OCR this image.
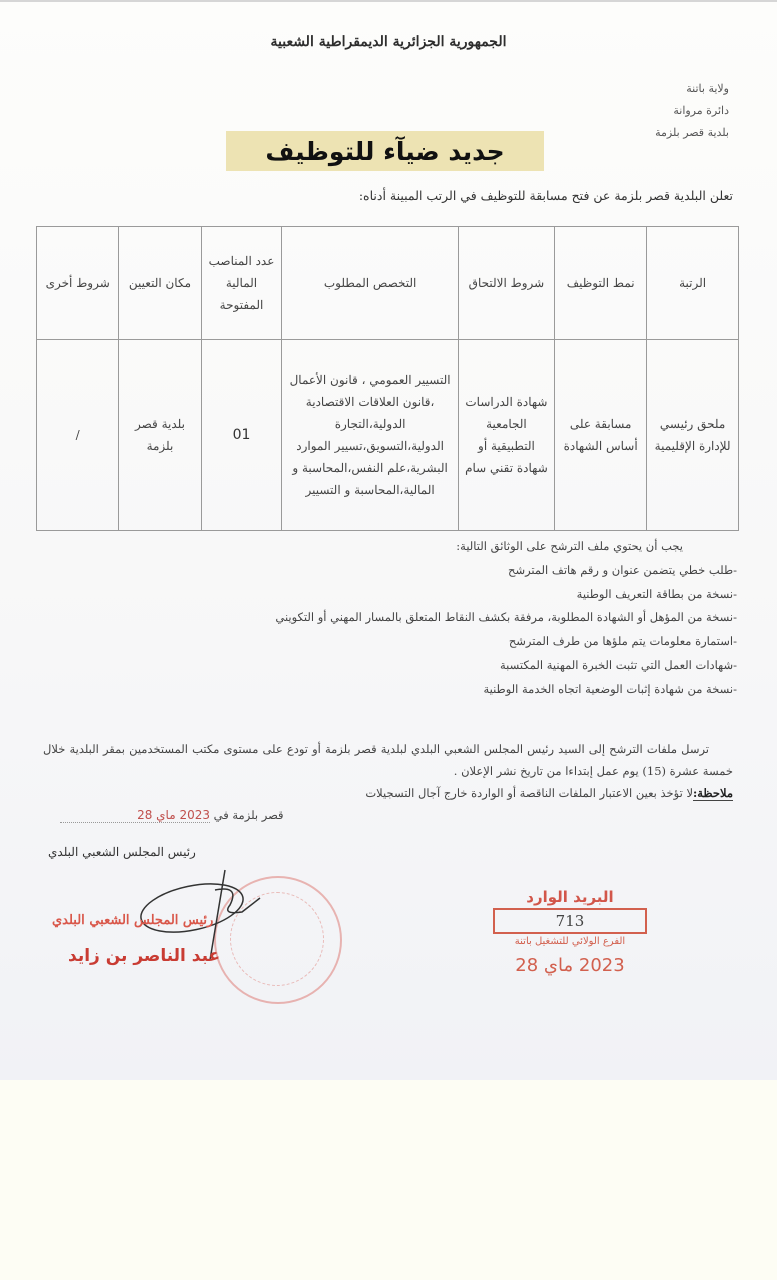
الجمهورية الجزائرية الديمقراطية الشعبية
ولاية باتنة
دائرة مروانة
بلدية قصر بلزمة
جديد ضيآء للتوظيف
تعلن البلدية قصر بلزمة عن فتح مسابقة للتوظيف في الرتب المبينة أدناه:
الرتبة	نمط التوظيف	شروط الالتحاق	التخصص المطلوب	عدد المناصب المالية المفتوحة	مكان التعيين	شروط أخرى
ملحق رئيسي للإدارة الإقليمية	مسابقة على أساس الشهادة	شهادة الدراسات الجامعية التطبيقية أو شهادة تقني سام	التسيير العمومي ، قانون الأعمال ،قانون العلاقات الاقتصادية الدولية،التجارة الدولية،التسويق،تسيير الموارد البشرية،علم النفس،المحاسبة و المالية،المحاسبة و التسيير	01	بلدية قصر بلزمة	/
يجب أن يحتوي ملف الترشح على الوثائق التالية:
-طلب خطي يتضمن عنوان و رقم هاتف المترشح
-نسخة من بطاقة التعريف الوطنية
-نسخة من المؤهل أو الشهادة المطلوبة، مرفقة بكشف النقاط المتعلق بالمسار المهني أو التكويني
-استمارة معلومات يتم ملؤها من طرف المترشح
-شهادات العمل التي تثبت الخبرة المهنية المكتسبة
-نسخة من شهادة إثبات الوضعية اتجاه الخدمة الوطنية
ترسل ملفات الترشح إلى السيد رئيس المجلس الشعبي البلدي لبلدية قصر بلزمة أو تودع على مستوى مكتب المستخدمين بمقر البلدية خلال خمسة عشرة (15) يوم عمل إبتداءا من تاريخ نشر الإعلان .
ملاحظة:لا تؤخذ بعين الاعتبار الملفات الناقصة أو الواردة خارج آجال التسجيلات
قصر بلزمة في 2023 ماي 28
رئيس المجلس الشعبي البلدي
رئيس المجلس الشعبي البلدي
عبد الناصر بن زايد
البريد الوارد
713
الفرع الولائي للتشغيل باتنة
2023 ماي 28
